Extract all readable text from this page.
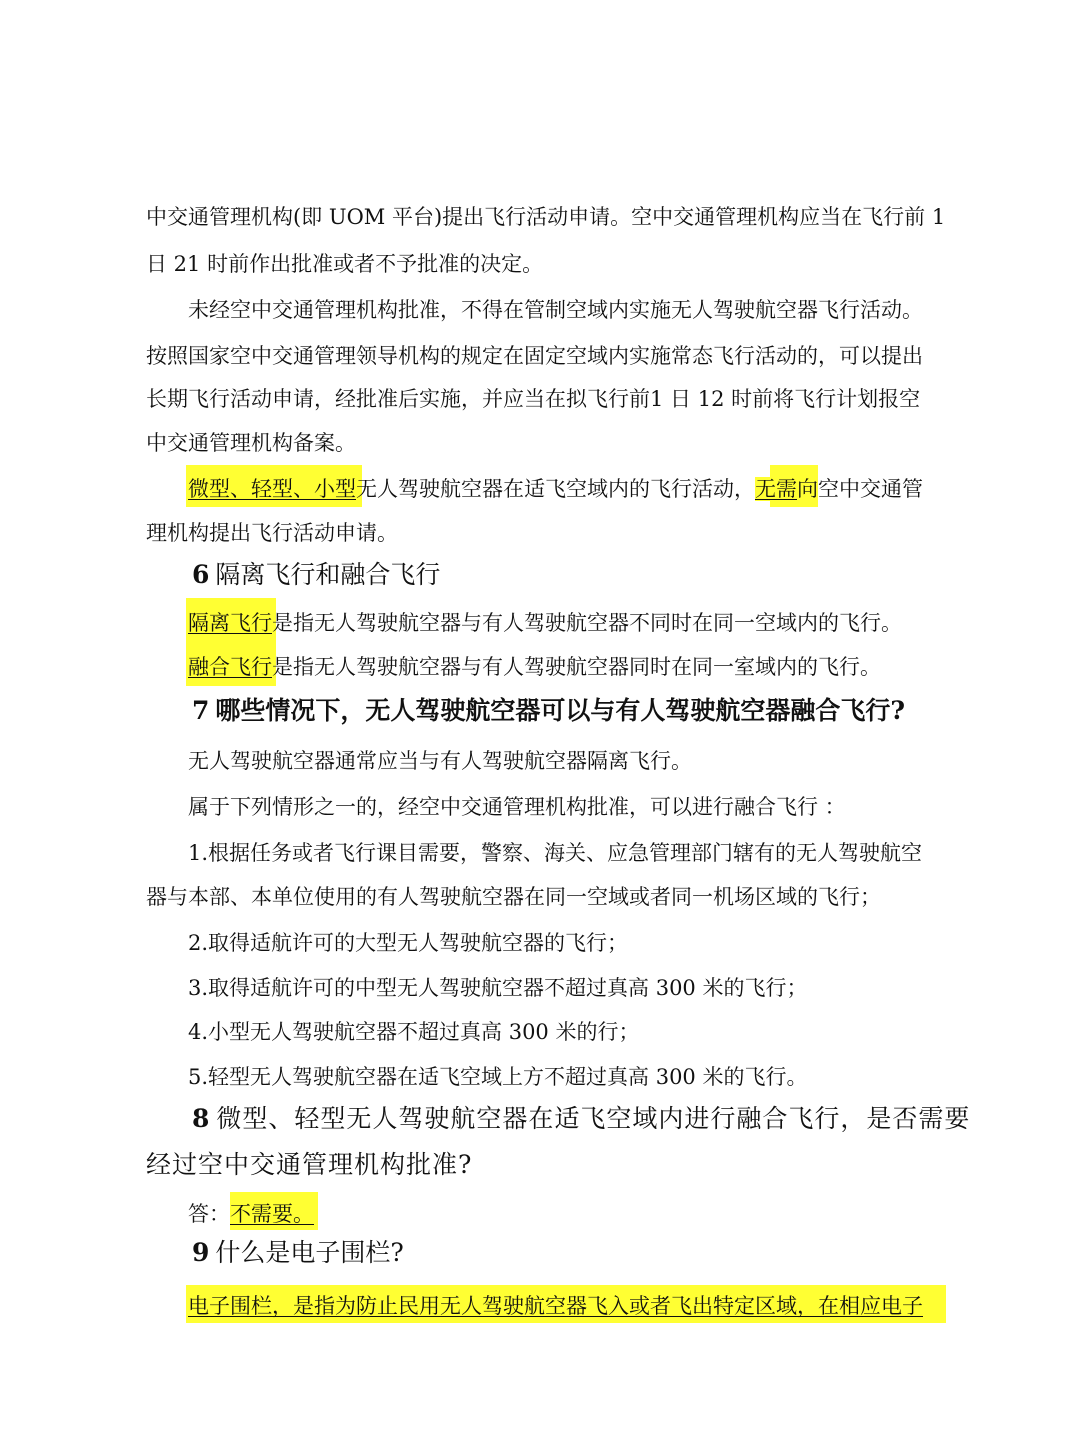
中交通管理机构(即 UOM 平台)提出飞行活动申请。空中交通管理机构应当在飞行前 1
日 21 时前作出批准或者不予批准的决定。
未经空中交通管理机构批准，不得在管制空域内实施无人驾驶航空器飞行活动。
按照国家空中交通管理领导机构的规定在固定空域内实施常态飞行活动的，可以提出
长期飞行活动申请，经批准后实施，并应当在拟飞行前1 日 12 时前将飞行计划报空
中交通管理机构备案。
微型、轻型、小型无人驾驶航空器在适飞空域内的飞行活动，无需向空中交通管
理机构提出飞行活动申请。
6 隔离飞行和融合飞行
隔离飞行是指无人驾驶航空器与有人驾驶航空器不同时在同一空域内的飞行。
融合飞行是指无人驾驶航空器与有人驾驶航空器同时在同一室域内的飞行。
7 哪些情况下，无人驾驶航空器可以与有人驾驶航空器融合飞行?
无人驾驶航空器通常应当与有人驾驶航空器隔离飞行。
属于下列情形之一的，经空中交通管理机构批准，可以进行融合飞行 ：
1.根据任务或者飞行课目需要，警察、海关、应急管理部门辖有的无人驾驶航空
器与本部、本单位使用的有人驾驶航空器在同一空域或者同一机场区域的飞行；
2.取得适航许可的大型无人驾驶航空器的飞行；
3.取得适航许可的中型无人驾驶航空器不超过真高 300 米的飞行；
4.小型无人驾驶航空器不超过真高 300 米的行；
5.轻型无人驾驶航空器在适飞空域上方不超过真高 300 米的飞行。
8 微型、轻型无人驾驶航空器在适飞空域内进行融合飞行，是否需要
经过空中交通管理机构批准?
答：不需要。
9 什么是电子围栏?
电子围栏，是指为防止民用无人驾驶航空器飞入或者飞出特定区域，在相应电子
